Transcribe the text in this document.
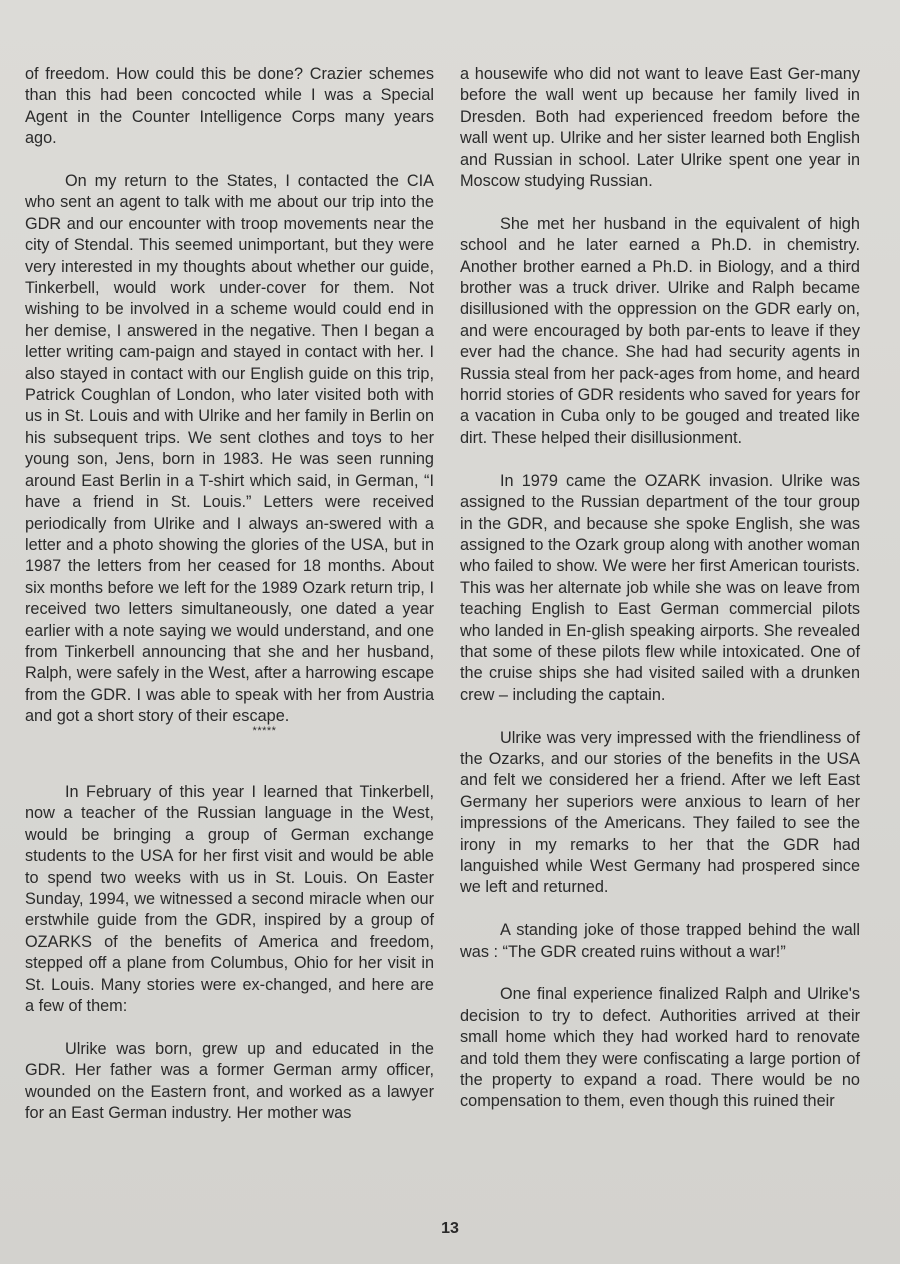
of freedom. How could this be done? Crazier schemes than this had been concocted while I was a Special Agent in the Counter Intelligence Corps many years ago.

On my return to the States, I contacted the CIA who sent an agent to talk with me about our trip into the GDR and our encounter with troop movements near the city of Stendal. This seemed unimportant, but they were very interested in my thoughts about whether our guide, Tinkerbell, would work under-cover for them. Not wishing to be involved in a scheme would could end in her demise, I answered in the negative. Then I began a letter writing cam-paign and stayed in contact with her. I also stayed in contact with our English guide on this trip, Patrick Coughlan of London, who later visited both with us in St. Louis and with Ulrike and her family in Berlin on his subsequent trips. We sent clothes and toys to her young son, Jens, born in 1983. He was seen running around East Berlin in a T-shirt which said, in German, “I have a friend in St. Louis.” Letters were received periodically from Ulrike and I always an-swered with a letter and a photo showing the glories of the USA, but in 1987 the letters from her ceased for 18 months. About six months before we left for the 1989 Ozark return trip, I received two letters simultaneously, one dated a year earlier with a note saying we would understand, and one from Tinkerbell announcing that she and her husband, Ralph, were safely in the West, after a harrowing escape from the GDR. I was able to speak with her from Austria and got a short story of their escape.

*****

In February of this year I learned that Tinkerbell, now a teacher of the Russian language in the West, would be bringing a group of German exchange students to the USA for her first visit and would be able to spend two weeks with us in St. Louis. On Easter Sunday, 1994, we witnessed a second miracle when our erstwhile guide from the GDR, inspired by a group of OZARKS of the benefits of America and freedom, stepped off a plane from Columbus, Ohio for her visit in St. Louis. Many stories were ex-changed, and here are a few of them:

Ulrike was born, grew up and educated in the GDR. Her father was a former German army officer, wounded on the Eastern front, and worked as a lawyer for an East German industry. Her mother was

a housewife who did not want to leave East Ger-many before the wall went up because her family lived in Dresden. Both had experienced freedom before the wall went up. Ulrike and her sister learned both English and Russian in school. Later Ulrike spent one year in Moscow studying Russian.

She met her husband in the equivalent of high school and he later earned a Ph.D. in chemistry. Another brother earned a Ph.D. in Biology, and a third brother was a truck driver. Ulrike and Ralph became disillusioned with the oppression on the GDR early on, and were encouraged by both par-ents to leave if they ever had the chance. She had had security agents in Russia steal from her pack-ages from home, and heard horrid stories of GDR residents who saved for years for a vacation in Cuba only to be gouged and treated like dirt. These helped their disillusionment.

In 1979 came the OZARK invasion. Ulrike was assigned to the Russian department of the tour group in the GDR, and because she spoke English, she was assigned to the Ozark group along with another woman who failed to show. We were her first American tourists. This was her alternate job while she was on leave from teaching English to East German commercial pilots who landed in En-glish speaking airports. She revealed that some of these pilots flew while intoxicated. One of the cruise ships she had visited sailed with a drunken crew – including the captain.

Ulrike was very impressed with the friendliness of the Ozarks, and our stories of the benefits in the USA and felt we considered her a friend. After we left East Germany her superiors were anxious to learn of her impressions of the Americans. They failed to see the irony in my remarks to her that the GDR had languished while West Germany had prospered since we left and returned.

A standing joke of those trapped behind the wall was : “The GDR created ruins without a war!”

One final experience finalized Ralph and Ulrike's decision to try to defect. Authorities arrived at their small home which they had worked hard to renovate and told them they were confiscating a large portion of the property to expand a road. There would be no compensation to them, even though this ruined their

13
